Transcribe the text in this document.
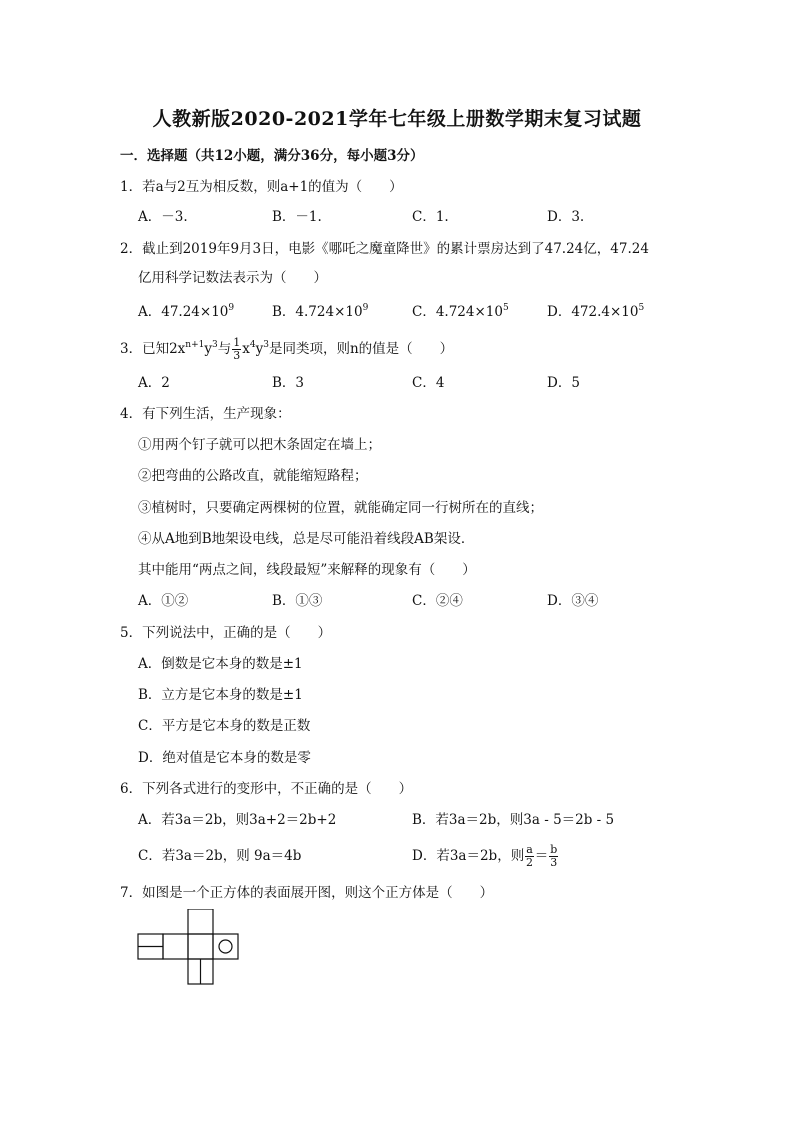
人教新版2020-2021学年七年级上册数学期末复习试题
一．选择题（共12小题，满分36分，每小题3分）
1．若a与2互为相反数，则a+1的值为（　　）
A．－3.	B．－1.	C．1.	D．3.
2．截止到2019年9月3日，电影《哪吒之魔童降世》的累计票房达到了47.24亿，47.24
亿用科学记数法表示为（　　）
A．$47.24\times 10^9$	B．$4.724\times 10^9$	C．$4.724\times 10^5$	D．$472.4\times 10^5$
3．已知$2x^{n+1}y^3$与 $\frac{1}{3} x^4y^3$是同类项，则n的值是（　　）
A．2	B．3	C．4	D．5
4．有下列生活，生产现象：
①用两个钉子就可以把木条固定在墙上；
②把弯曲的公路改直，就能缩短路程；
③植树时，只要确定两棵树的位置，就能确定同一行树所在的直线；
④从A地到B地架设电线，总是尽可能沿着线段AB架设．
其中能用“两点之间，线段最短”来解释的现象有（　　）
A．①②	B．①③	C．②④	D．③④
5．下列说法中，正确的是（　　）
A．倒数是它本身的数是±1
B．立方是它本身的数是±1
C．平方是它本身的数是正数
D．绝对值是它本身的数是零
6．下列各式进行的变形中，不正确的是（　　）
A．若3a＝2b，则3a+2＝2b+2	B．若3a＝2b，则3a - 5＝2b - 5
C．若3a＝2b，则 9a＝4b	D．若3a＝2b，则 $\frac{a}{2} = \frac{b}{3}$
7．如图是一个正方体的表面展开图，则这个正方体是（　　）
